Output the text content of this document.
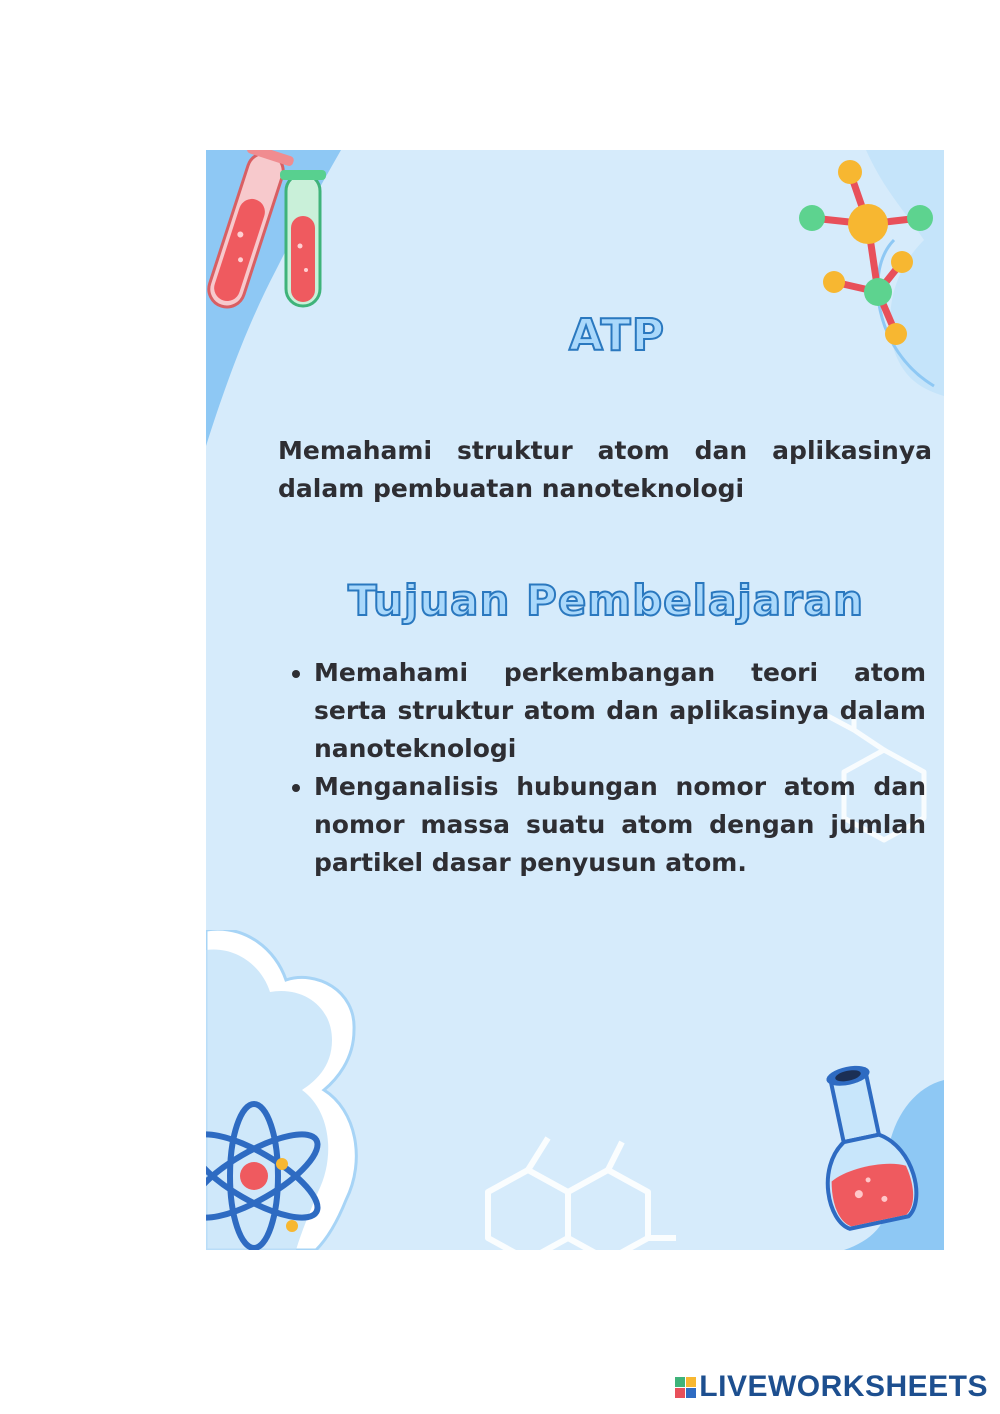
ATP

Memahami struktur atom dan aplikasinya dalam pembuatan nanoteknologi

Tujuan Pembelajaran
• Memahami perkembangan teori atom serta struktur atom dan aplikasinya dalam nanoteknologi
• Menganalisis hubungan nomor atom dan nomor massa suatu atom dengan jumlah partikel dasar penyusun atom.
LIVEWORKSHEETS
